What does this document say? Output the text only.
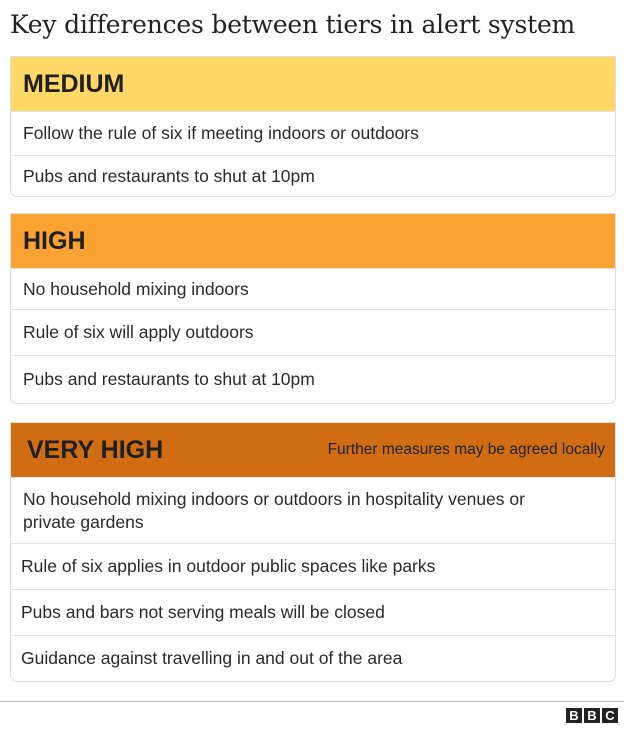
Key differences between tiers in alert system
MEDIUM
Follow the rule of six if meeting indoors or outdoors
Pubs and restaurants to shut at 10pm
HIGH
No household mixing indoors
Rule of six will apply outdoors
Pubs and restaurants to shut at 10pm
VERY HIGH	Further measures may be agreed locally
No household mixing indoors or outdoors in hospitality venues or private gardens
Rule of six applies in outdoor public spaces like parks
Pubs and bars not serving meals will be closed
Guidance against travelling in and out of the area
B B C
